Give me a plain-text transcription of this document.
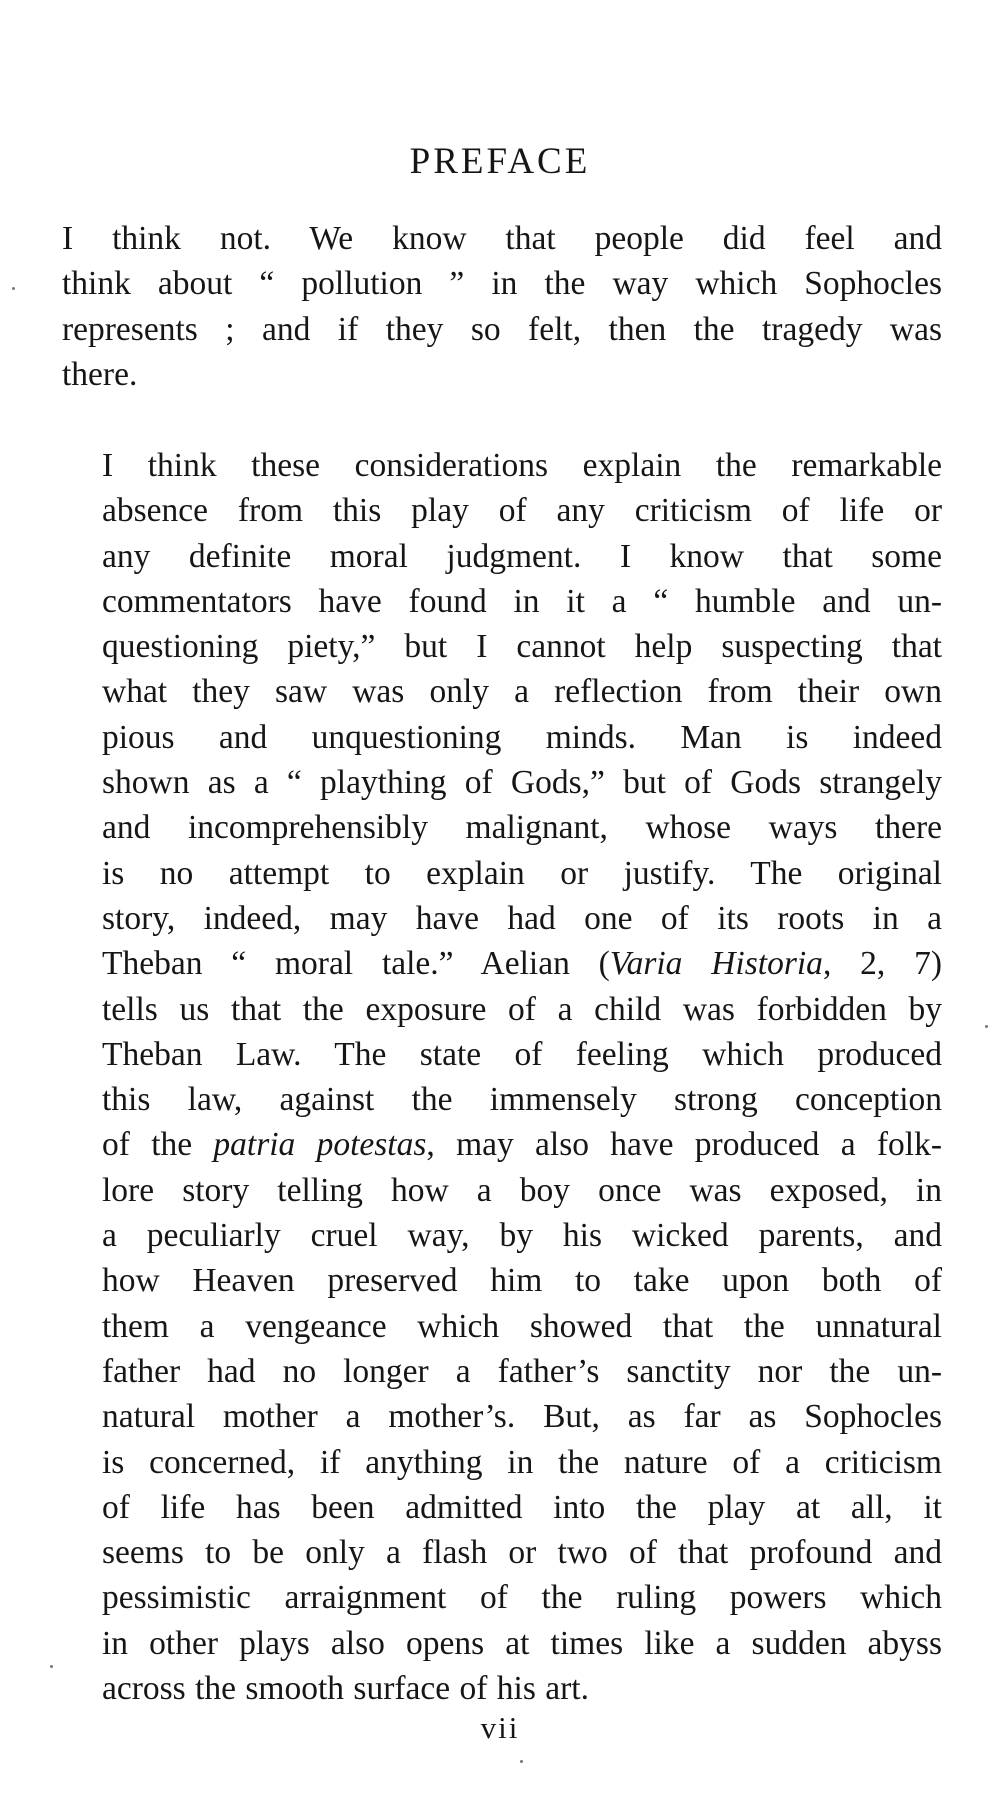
PREFACE

I think not. We know that people did feel and
think about “ pollution ” in the way which Sophocles
represents ; and if they so felt, then the tragedy was
there.

I think these considerations explain the remarkable
absence from this play of any criticism of life or
any definite moral judgment. I know that some
commentators have found in it a “ humble and un-
questioning piety,” but I cannot help suspecting that
what they saw was only a reflection from their own
pious and unquestioning minds. Man is indeed
shown as a “ plaything of Gods,” but of Gods strangely
and incomprehensibly malignant, whose ways there
is no attempt to explain or justify. The original
story, indeed, may have had one of its roots in a
Theban “ moral tale.” Aelian (Varia Historia, 2, 7)
tells us that the exposure of a child was forbidden by
Theban Law. The state of feeling which produced
this law, against the immensely strong conception
of the patria potestas, may also have produced a folk-
lore story telling how a boy once was exposed, in
a peculiarly cruel way, by his wicked parents, and
how Heaven preserved him to take upon both of
them a vengeance which showed that the unnatural
father had no longer a father’s sanctity nor the un-
natural mother a mother’s. But, as far as Sophocles
is concerned, if anything in the nature of a criticism
of life has been admitted into the play at all, it
seems to be only a flash or two of that profound and
pessimistic arraignment of the ruling powers which
in other plays also opens at times like a sudden abyss
across the smooth surface of his art.

vii
